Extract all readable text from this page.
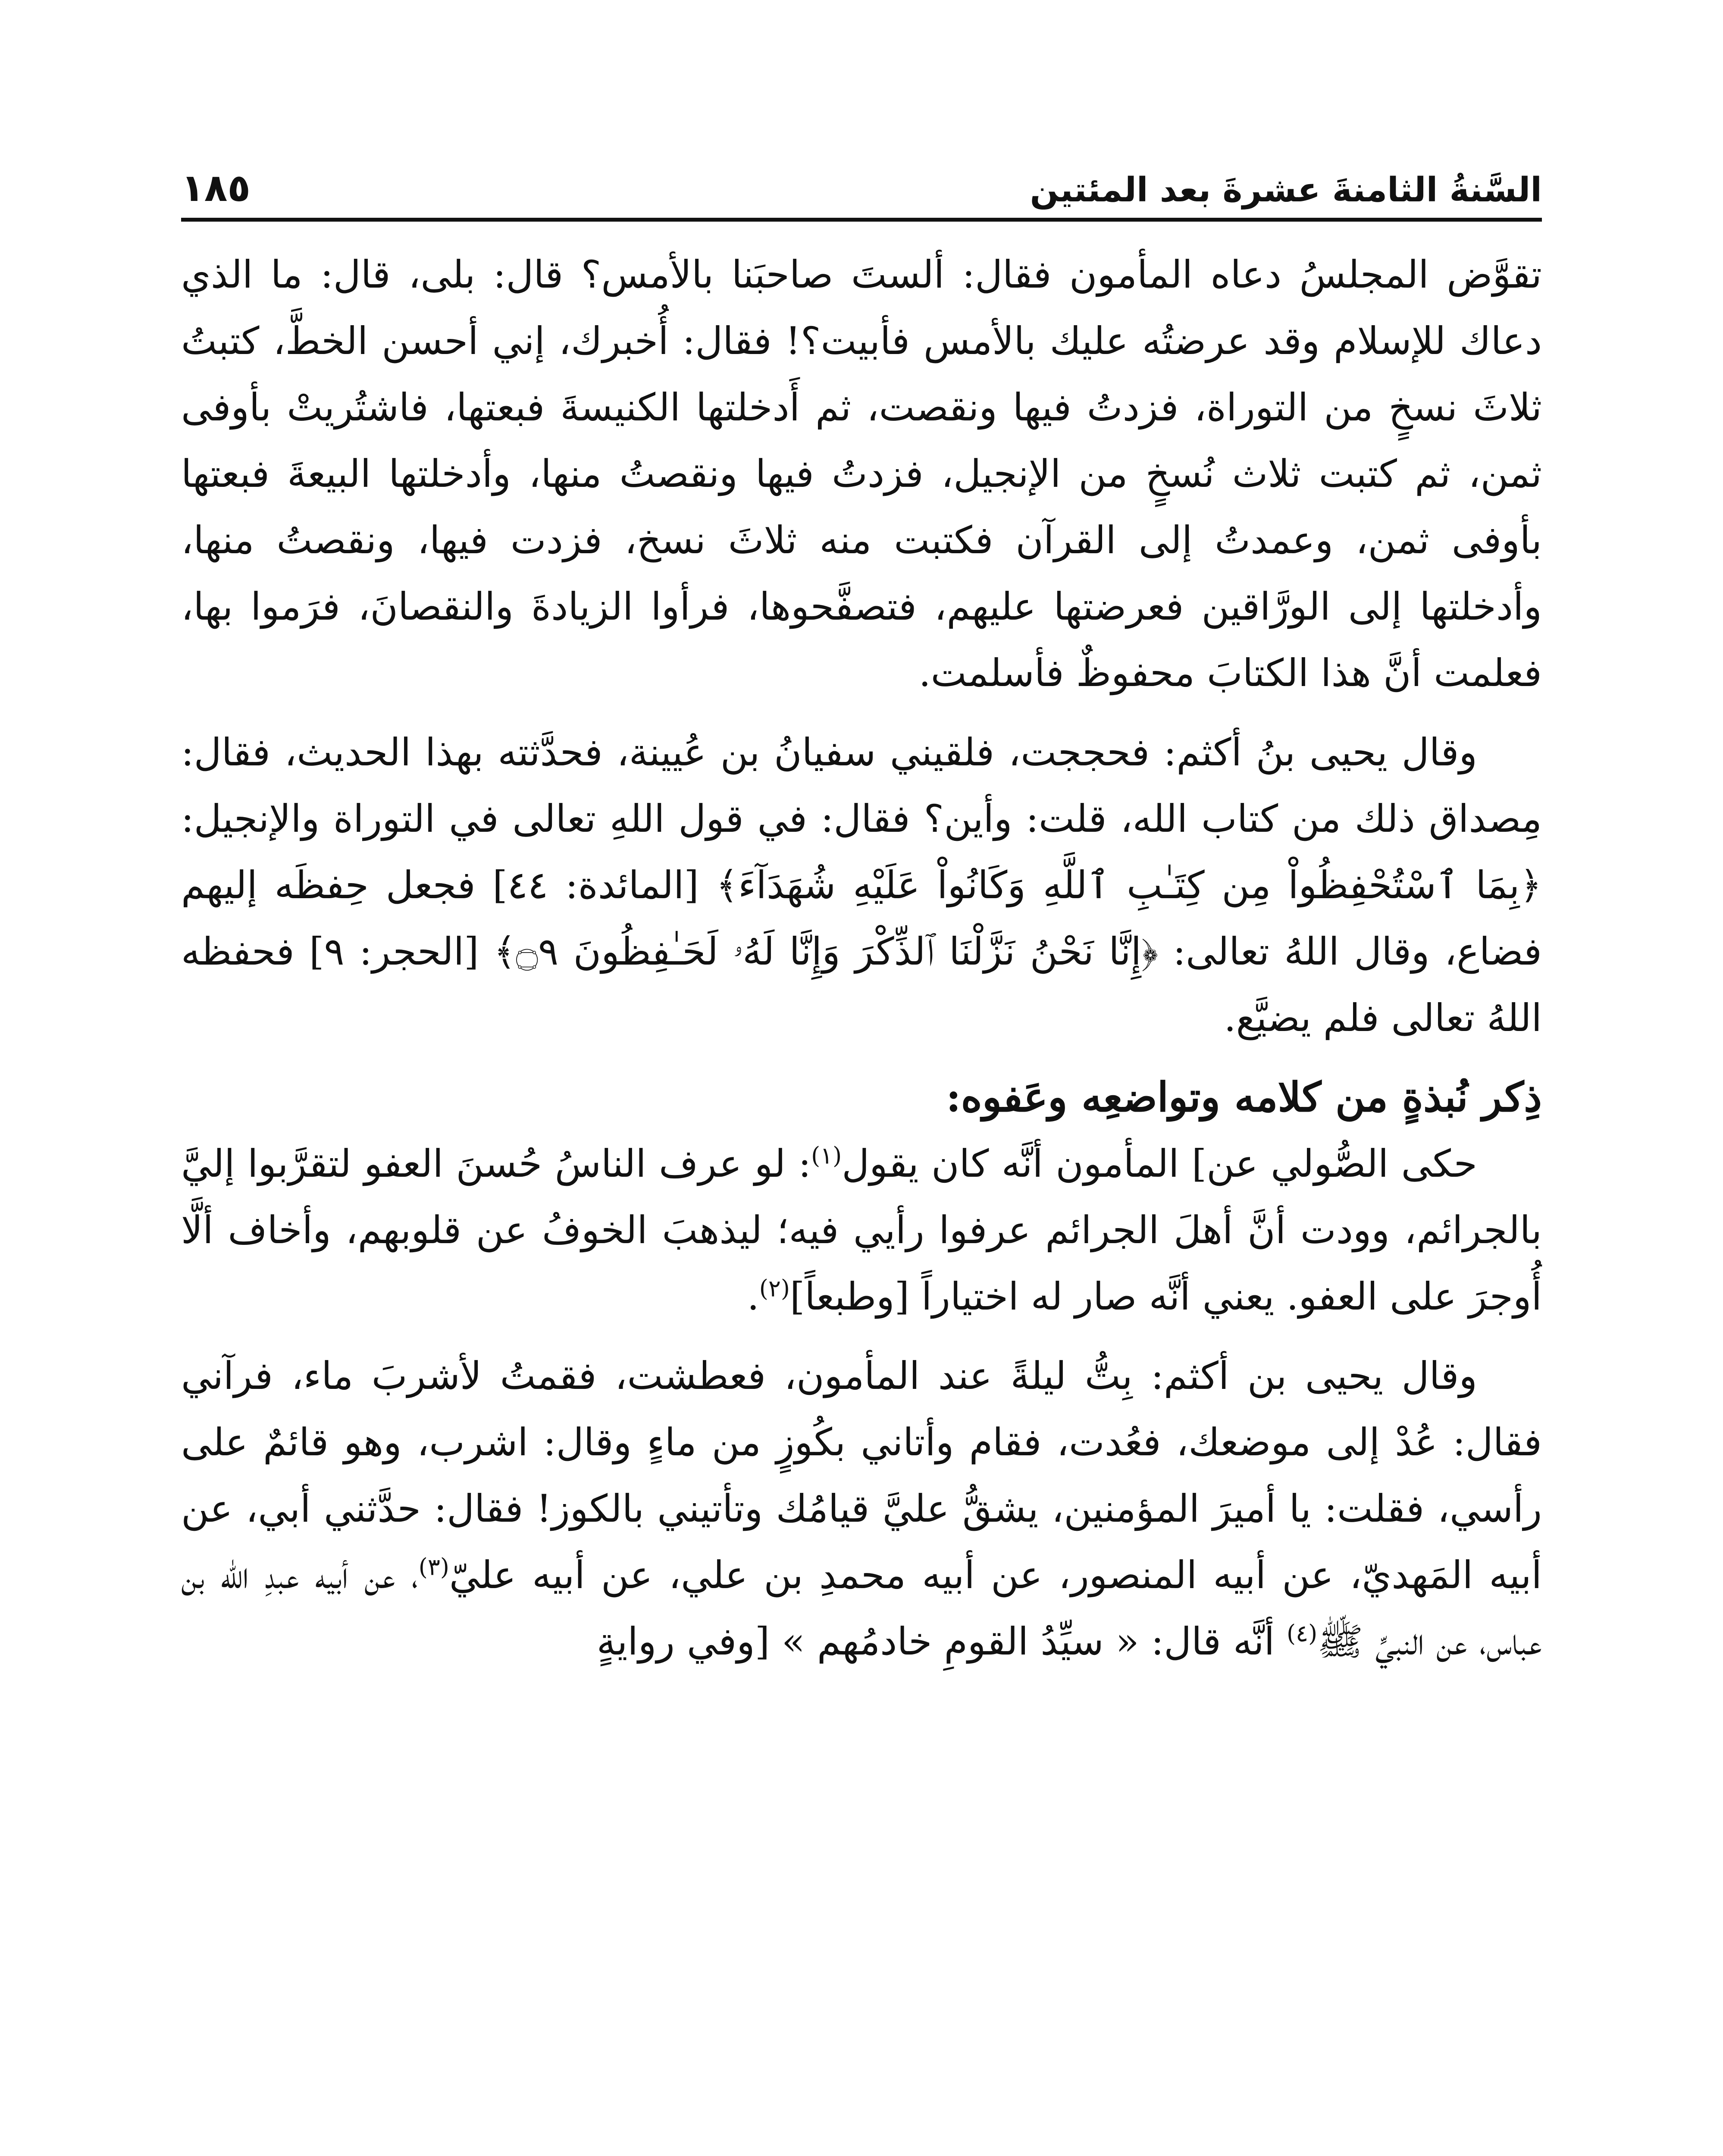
السَّنةُ الثامنةَ عشرةَ بعد المئتين
١٨٥

تقوَّض المجلسُ دعاه المأمون فقال: ألستَ صاحبَنا بالأمس؟ قال: بلى، قال: ما الذي دعاك للإسلام وقد عرضتُه عليك بالأمس فأبيت؟! فقال: أُخبرك، إني أحسن الخطَّ، كتبتُ ثلاثَ نسخٍ من التوراة، فزدتُ فيها ونقصت، ثم أَدخلتها الكنيسةَ فبعتها، فاشتُريتْ بأوفى ثمن، ثم كتبت ثلاث نُسخٍ من الإنجيل، فزدتُ فيها ونقصتُ منها، وأدخلتها البيعةَ فبعتها بأوفى ثمن، وعمدتُ إلى القرآن فكتبت منه ثلاثَ نسخ، فزدت فيها، ونقصتُ منها، وأدخلتها إلى الورَّاقين فعرضتها عليهم، فتصفَّحوها، فرأوا الزيادةَ والنقصانَ، فرَموا بها، فعلمت أنَّ هذا الكتابَ محفوظٌ فأسلمت.

وقال يحيى بنُ أكثم: فحججت، فلقيني سفيانُ بن عُيينة، فحدَّثته بهذا الحديث، فقال: مِصداق ذلك من كتاب الله، قلت: وأين؟ فقال: في قول اللهِ تعالى في التوراة والإنجيل: ﴿بِمَا ٱسْتُحْفِظُواْ مِن كِتَـٰبِ ٱللَّهِ وَكَانُواْ عَلَيْهِ شُهَدَآءَ﴾ [المائدة: ٤٤] فجعل حِفظَه إليهم فضاع، وقال اللهُ تعالى: ﴿إِنَّا نَحْنُ نَزَّلْنَا ٱلذِّكْرَ وَإِنَّا لَهُۥ لَحَـٰفِظُونَ ۝٩﴾ [الحجر: ٩] فحفظه اللهُ تعالى فلم يضيَّع.

ذِكر نُبذةٍ من كلامه وتواضعِه وعَفوه:

حكى الصُّولي عن] المأمون أنَّه كان يقول$^{(١)}$: لو عرف الناسُ حُسنَ العفو لتقرَّبوا إليَّ بالجرائم، وودت أنَّ أهلَ الجرائم عرفوا رأيي فيه؛ ليذهبَ الخوفُ عن قلوبهم، وأخاف ألَّا أُوجرَ على العفو. يعني أنَّه صار له اختياراً [وطبعاً]$^{(٢)}$.

وقال يحيى بن أكثم: بِتُّ ليلةً عند المأمون، فعطشت، فقمتُ لأشربَ ماء، فرآني فقال: عُدْ إلى موضعك، فعُدت، فقام وأتاني بكُوزٍ من ماءٍ وقال: اشرب، وهو قائمٌ على رأسي، فقلت: يا أميرَ المؤمنين، يشقُّ عليَّ قيامُك وتأتيني بالكوز! فقال: حدَّثني أبي، عن أبيه المَهديّ، عن أبيه المنصور، عن أبيه محمدِ بن علي، عن أبيه عليّ$^{(٣)}$، عن أبيه عبدِ الله بن عباس، عن النبيِّ ﷺ$^{(٤)}$ أنَّه قال: « سيِّدُ القومِ خادمُهم » [وفي روايةٍ
